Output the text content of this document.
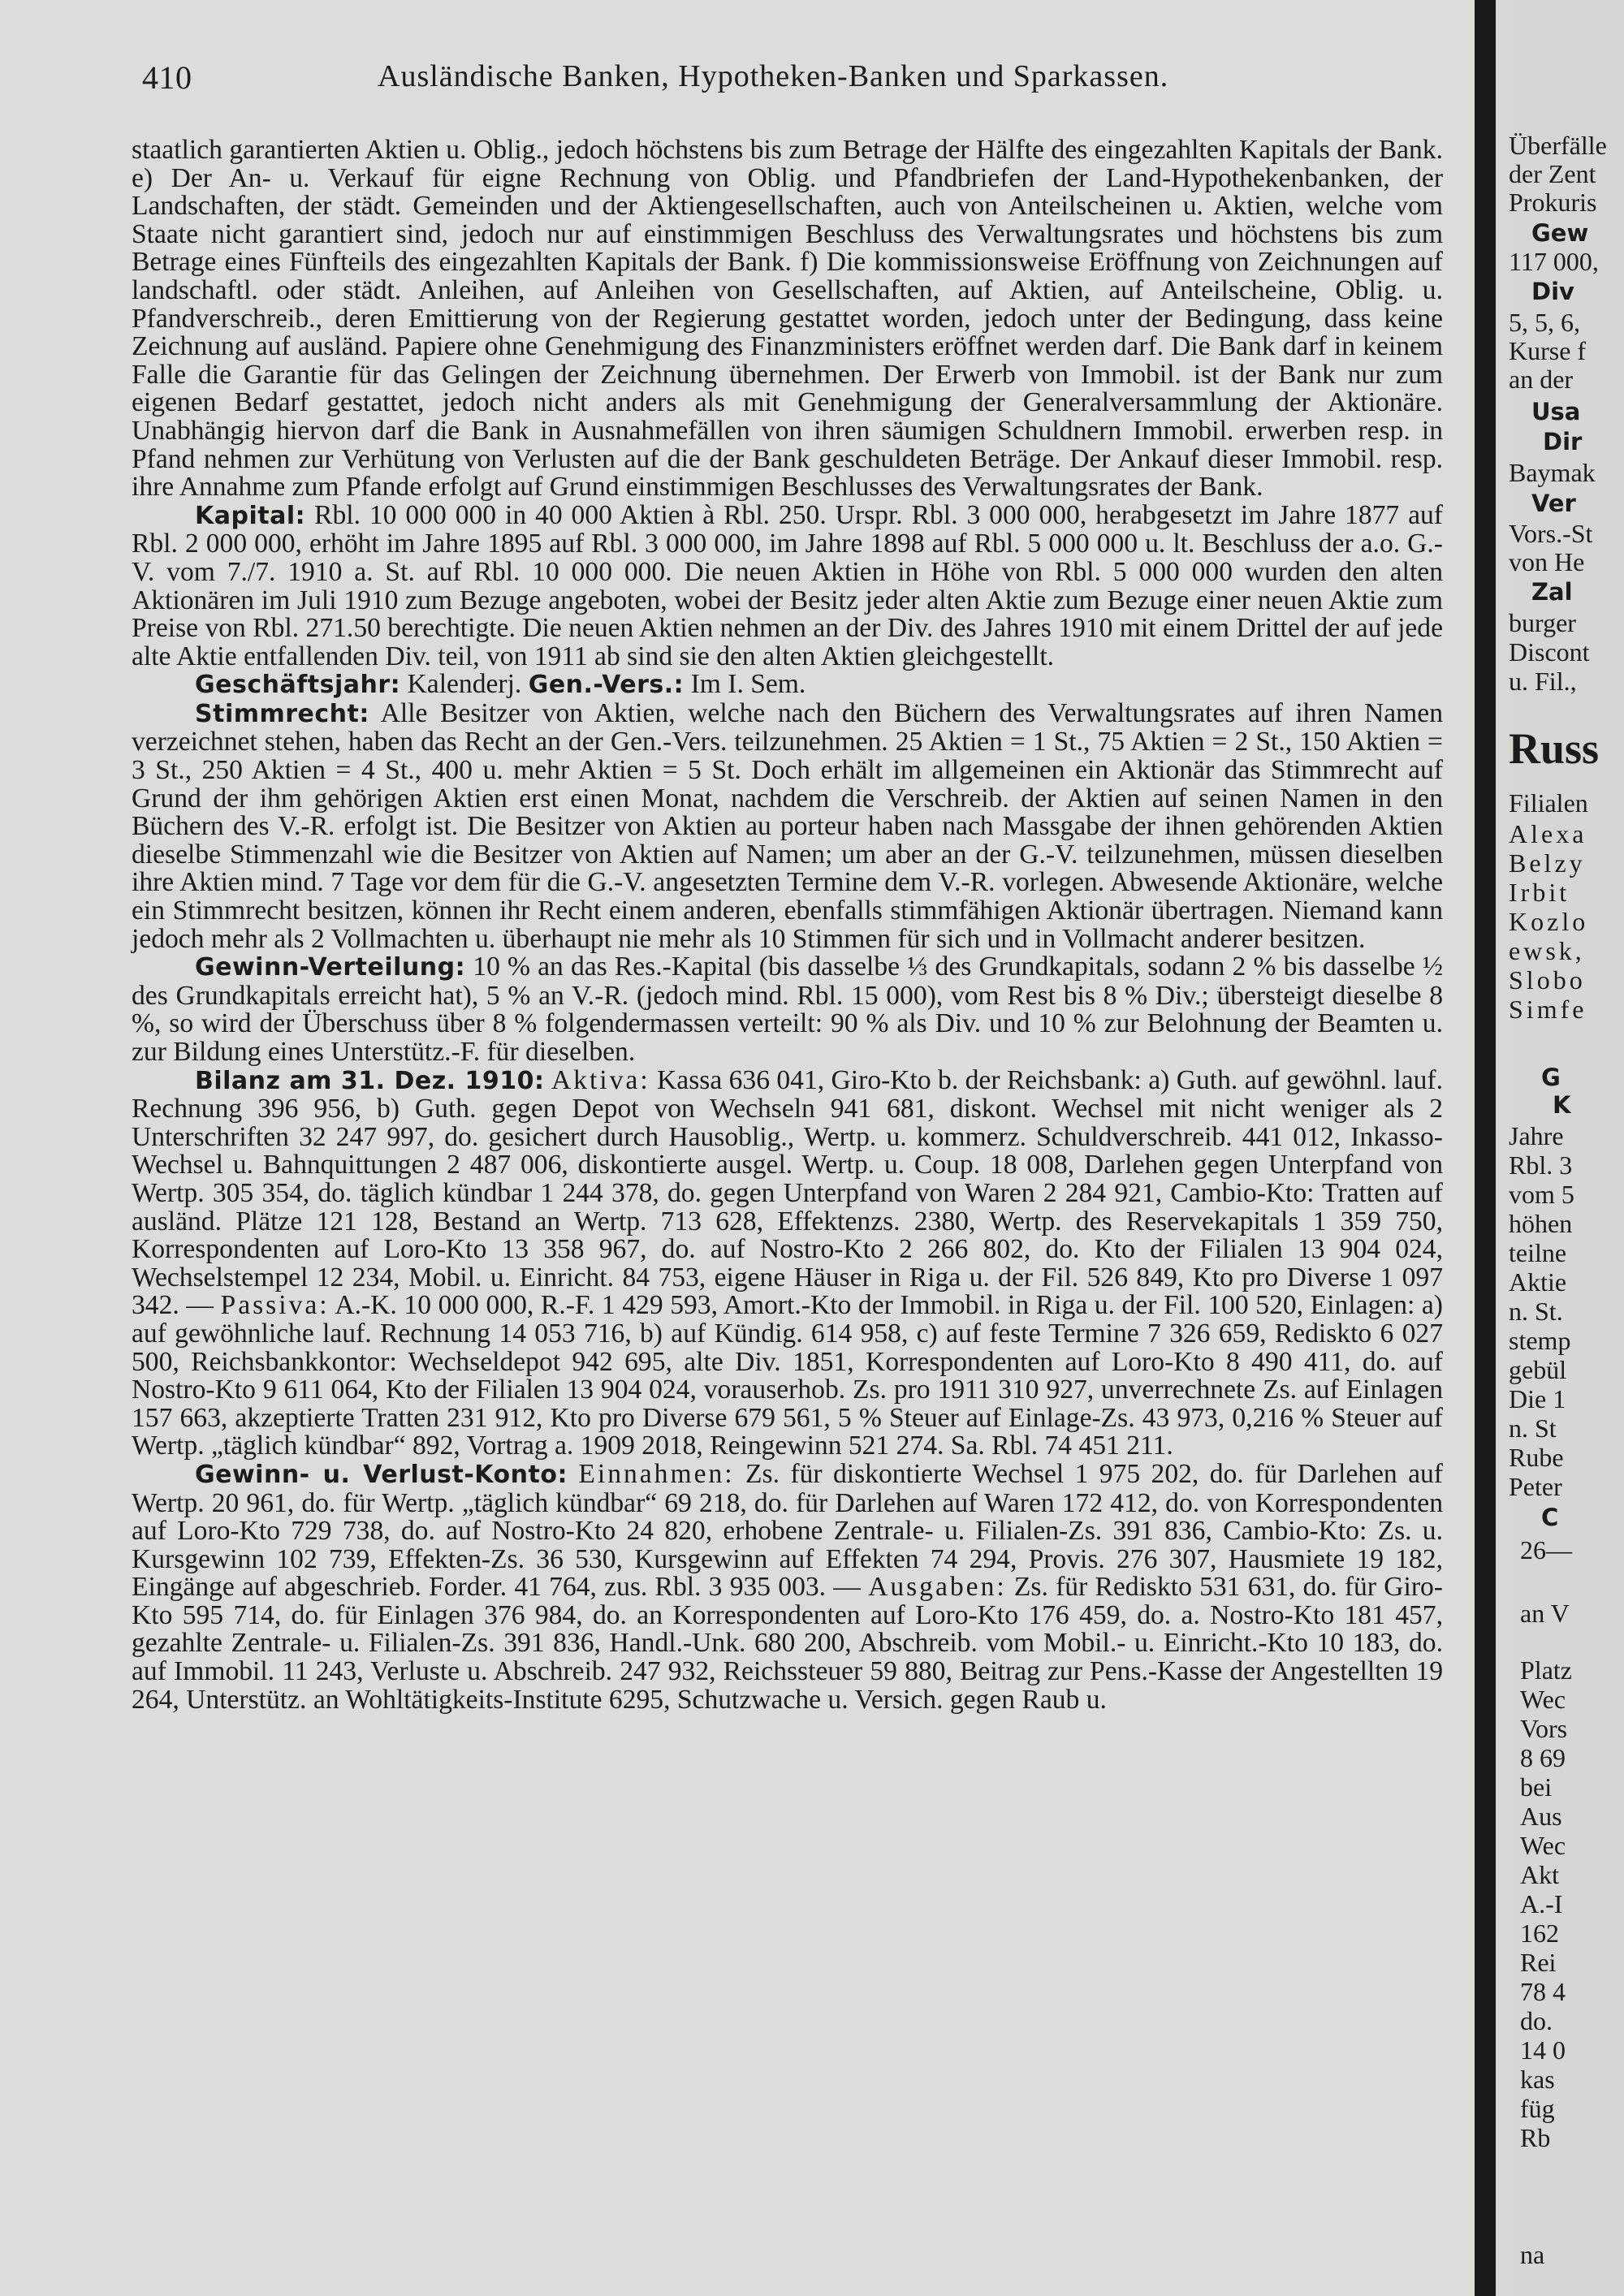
410	Ausländische Banken, Hypotheken-Banken und Sparkassen.

staatlich garantierten Aktien u. Oblig., jedoch höchstens bis zum Betrage der Hälfte des eingezahlten Kapitals der Bank. e) Der An- u. Verkauf für eigne Rechnung von Oblig. und Pfandbriefen der Land-Hypothekenbanken, der Landschaften, der städt. Gemeinden und der Aktiengesellschaften, auch von Anteilscheinen u. Aktien, welche vom Staate nicht garantiert sind, jedoch nur auf einstimmigen Beschluss des Verwaltungsrates und höchstens bis zum Betrage eines Fünfteils des eingezahlten Kapitals der Bank. f) Die kommissionsweise Eröffnung von Zeichnungen auf landschaftl. oder städt. Anleihen, auf Anleihen von Gesellschaften, auf Aktien, auf Anteilscheine, Oblig. u. Pfandverschreib., deren Emittierung von der Regierung gestattet worden, jedoch unter der Bedingung, dass keine Zeichnung auf ausländ. Papiere ohne Genehmigung des Finanzministers eröffnet werden darf. Die Bank darf in keinem Falle die Garantie für das Gelingen der Zeichnung übernehmen. Der Erwerb von Immobil. ist der Bank nur zum eigenen Bedarf gestattet, jedoch nicht anders als mit Genehmigung der Generalversammlung der Aktionäre. Unabhängig hiervon darf die Bank in Ausnahmefällen von ihren säumigen Schuldnern Immobil. erwerben resp. in Pfand nehmen zur Verhütung von Verlusten auf die der Bank geschuldeten Beträge. Der Ankauf dieser Immobil. resp. ihre Annahme zum Pfande erfolgt auf Grund einstimmigen Beschlusses des Verwaltungsrates der Bank.

Kapital: Rbl. 10 000 000 in 40 000 Aktien à Rbl. 250. Urspr. Rbl. 3 000 000, herabgesetzt im Jahre 1877 auf Rbl. 2 000 000, erhöht im Jahre 1895 auf Rbl. 3 000 000, im Jahre 1898 auf Rbl. 5 000 000 u. lt. Beschluss der a.o. G.-V. vom 7./7. 1910 a. St. auf Rbl. 10 000 000. Die neuen Aktien in Höhe von Rbl. 5 000 000 wurden den alten Aktionären im Juli 1910 zum Bezuge angeboten, wobei der Besitz jeder alten Aktie zum Bezuge einer neuen Aktie zum Preise von Rbl. 271.50 berechtigte. Die neuen Aktien nehmen an der Div. des Jahres 1910 mit einem Drittel der auf jede alte Aktie entfallenden Div. teil, von 1911 ab sind sie den alten Aktien gleichgestellt.

Geschäftsjahr: Kalenderj. Gen.-Vers.: Im I. Sem.

Stimmrecht: Alle Besitzer von Aktien, welche nach den Büchern des Verwaltungsrates auf ihren Namen verzeichnet stehen, haben das Recht an der Gen.-Vers. teilzunehmen. 25 Aktien = 1 St., 75 Aktien = 2 St., 150 Aktien = 3 St., 250 Aktien = 4 St., 400 u. mehr Aktien = 5 St. Doch erhält im allgemeinen ein Aktionär das Stimmrecht auf Grund der ihm gehörigen Aktien erst einen Monat, nachdem die Verschreib. der Aktien auf seinen Namen in den Büchern des V.-R. erfolgt ist. Die Besitzer von Aktien au porteur haben nach Massgabe der ihnen gehörenden Aktien dieselbe Stimmenzahl wie die Besitzer von Aktien auf Namen; um aber an der G.-V. teilzunehmen, müssen dieselben ihre Aktien mind. 7 Tage vor dem für die G.-V. angesetzten Termine dem V.-R. vorlegen. Abwesende Aktionäre, welche ein Stimmrecht besitzen, können ihr Recht einem anderen, ebenfalls stimmfähigen Aktionär übertragen. Niemand kann jedoch mehr als 2 Vollmachten u. überhaupt nie mehr als 10 Stimmen für sich und in Vollmacht anderer besitzen.

Gewinn-Verteilung: 10 % an das Res.-Kapital (bis dasselbe ⅓ des Grundkapitals, sodann 2 % bis dasselbe ½ des Grundkapitals erreicht hat), 5 % an V.-R. (jedoch mind. Rbl. 15 000), vom Rest bis 8 % Div.; übersteigt dieselbe 8 %, so wird der Überschuss über 8 % folgendermassen verteilt: 90 % als Div. und 10 % zur Belohnung der Beamten u. zur Bildung eines Unterstütz.-F. für dieselben.

Bilanz am 31. Dez. 1910: Aktiva: Kassa 636 041, Giro-Kto b. der Reichsbank: a) Guth. auf gewöhnl. lauf. Rechnung 396 956, b) Guth. gegen Depot von Wechseln 941 681, diskont. Wechsel mit nicht weniger als 2 Unterschriften 32 247 997, do. gesichert durch Hausoblig., Wertp. u. kommerz. Schuldverschreib. 441 012, Inkasso-Wechsel u. Bahnquittungen 2 487 006, diskontierte ausgel. Wertp. u. Coup. 18 008, Darlehen gegen Unterpfand von Wertp. 305 354, do. täglich kündbar 1 244 378, do. gegen Unterpfand von Waren 2 284 921, Cambio-Kto: Tratten auf ausländ. Plätze 121 128, Bestand an Wertp. 713 628, Effektenzs. 2380, Wertp. des Reservekapitals 1 359 750, Korrespondenten auf Loro-Kto 13 358 967, do. auf Nostro-Kto 2 266 802, do. Kto der Filialen 13 904 024, Wechselstempel 12 234, Mobil. u. Einricht. 84 753, eigene Häuser in Riga u. der Fil. 526 849, Kto pro Diverse 1 097 342. — Passiva: A.-K. 10 000 000, R.-F. 1 429 593, Amort.-Kto der Immobil. in Riga u. der Fil. 100 520, Einlagen: a) auf gewöhnliche lauf. Rechnung 14 053 716, b) auf Kündig. 614 958, c) auf feste Termine 7 326 659, Rediskto 6 027 500, Reichsbankkontor: Wechseldepot 942 695, alte Div. 1851, Korrespondenten auf Loro-Kto 8 490 411, do. auf Nostro-Kto 9 611 064, Kto der Filialen 13 904 024, vorauserhob. Zs. pro 1911 310 927, unverrechnete Zs. auf Einlagen 157 663, akzeptierte Tratten 231 912, Kto pro Diverse 679 561, 5 % Steuer auf Einlage-Zs. 43 973, 0,216 % Steuer auf Wertp. „täglich kündbar“ 892, Vortrag a. 1909 2018, Reingewinn 521 274. Sa. Rbl. 74 451 211.

Gewinn- u. Verlust-Konto: Einnahmen: Zs. für diskontierte Wechsel 1 975 202, do. für Darlehen auf Wertp. 20 961, do. für Wertp. „täglich kündbar“ 69 218, do. für Darlehen auf Waren 172 412, do. von Korrespondenten auf Loro-Kto 729 738, do. auf Nostro-Kto 24 820, erhobene Zentrale- u. Filialen-Zs. 391 836, Cambio-Kto: Zs. u. Kursgewinn 102 739, Effekten-Zs. 36 530, Kursgewinn auf Effekten 74 294, Provis. 276 307, Hausmiete 19 182, Eingänge auf abgeschrieb. Forder. 41 764, zus. Rbl. 3 935 003. — Ausgaben: Zs. für Rediskto 531 631, do. für Giro-Kto 595 714, do. für Einlagen 376 984, do. an Korrespondenten auf Loro-Kto 176 459, do. a. Nostro-Kto 181 457, gezahlte Zentrale- u. Filialen-Zs. 391 836, Handl.-Unk. 680 200, Abschreib. vom Mobil.- u. Einricht.-Kto 10 183, do. auf Immobil. 11 243, Verluste u. Abschreib. 247 932, Reichssteuer 59 880, Beitrag zur Pens.-Kasse der Angestellten 19 264, Unterstütz. an Wohltätigkeits-Institute 6295, Schutzwache u. Versich. gegen Raub u.

Überfälle
der Zent
Prokuris
Gew
117 000,
Div
5, 5, 6,
Kurse f
an der
Usa
Dir
Baymak
Ver
Vors.-St
von He
Zal
burger
Discont
u. Fil.,
Russ
Filialen
Alexa
Belzy
Irbit
Kozlo
ewsk,
Slobo
Simfe
G
K
Jahre
Rbl. 3
vom 5
höhen
teilne
Aktie
n. St.
stemp
gebül
Die 1
n. St
Rube
Peter
C
26—
an V
Platz
Wec
Vors
8 69
bei
Aus
Wec
Akt
A.-I
162
Rei
78 4
do.
14 0
kas
füg
Rb
na
